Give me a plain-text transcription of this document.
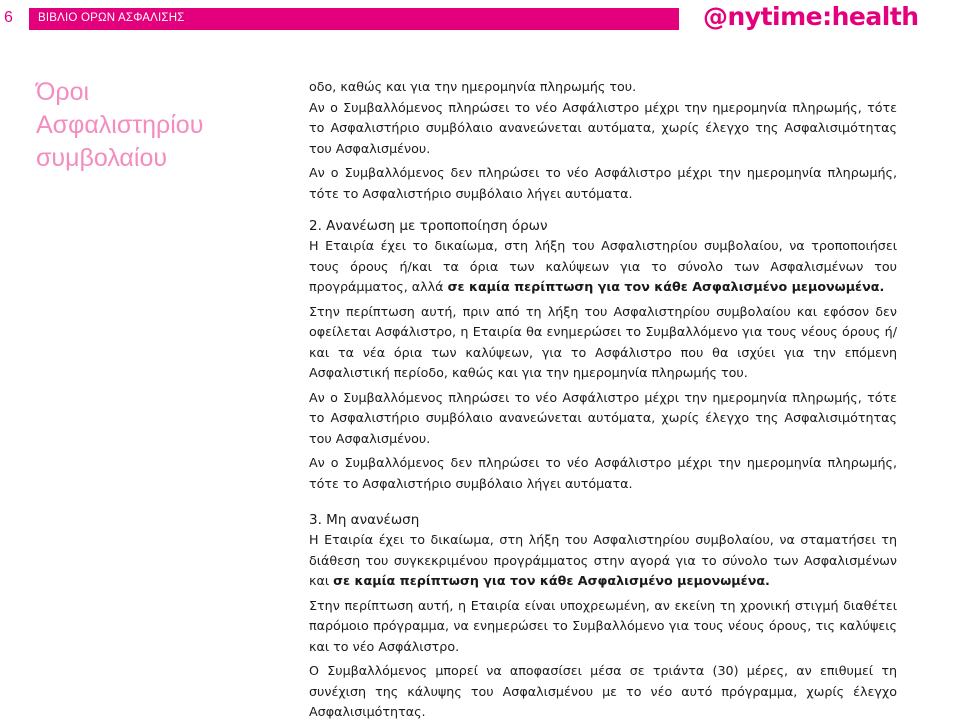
6 ΒΙΒΛΙΟ ΟΡΩΝ ΑΣΦΑΛΙΣΗΣ	@nytime:health
Όροι
Ασφαλιστηρίου
συμβολαίου

οδο, καθώς και για την ημερομηνία πληρωμής του.

Αν ο Συμβαλλόμενος πληρώσει το νέο Ασφάλιστρο μέχρι την ημερομηνία πληρωμής, τότε το Ασφαλιστήριο συμβόλαιο ανανεώνεται αυτόματα, χωρίς έλεγχο της Ασφαλισιμότητας του Ασφαλισμένου.

Αν ο Συμβαλλόμενος δεν πληρώσει το νέο Ασφάλιστρο μέχρι την ημερομηνία πληρωμής, τότε το Ασφαλιστήριο συμβόλαιο λήγει αυτόματα.

2. Ανανέωση με τροποποίηση όρων

Η Εταιρία έχει το δικαίωμα, στη λήξη του Ασφαλιστηρίου συμβολαίου, να τροποποιήσει τους όρους ή/και τα όρια των καλύψεων για το σύνολο των Ασφαλισμένων του προγράμματος, αλλά σε καμία περίπτωση για τον κάθε Ασφαλισμένο μεμονωμένα.

Στην περίπτωση αυτή, πριν από τη λήξη του Ασφαλιστηρίου συμβολαίου και εφόσον δεν οφείλεται Ασφάλιστρο, η Εταιρία θα ενημερώσει το Συμβαλλόμενο για τους νέους όρους ή/και τα νέα όρια των καλύψεων, για το Ασφάλιστρο που θα ισχύει για την επόμενη Ασφαλιστική περίοδο, καθώς και για την ημερομηνία πληρωμής του.

Αν ο Συμβαλλόμενος πληρώσει το νέο Ασφάλιστρο μέχρι την ημερομηνία πληρωμής, τότε το Ασφαλιστήριο συμβόλαιο ανανεώνεται αυτόματα, χωρίς έλεγχο της Ασφαλισιμότητας του Ασφαλισμένου.

Αν ο Συμβαλλόμενος δεν πληρώσει το νέο Ασφάλιστρο μέχρι την ημερομηνία πληρωμής, τότε το Ασφαλιστήριο συμβόλαιο λήγει αυτόματα.

3. Μη ανανέωση

Η Εταιρία έχει το δικαίωμα, στη λήξη του Ασφαλιστηρίου συμβολαίου, να σταματήσει τη διάθεση του συγκεκριμένου προγράμματος στην αγορά για το σύνολο των Ασφαλισμένων και σε καμία περίπτωση για τον κάθε Ασφαλισμένο μεμονωμένα.

Στην περίπτωση αυτή, η Εταιρία είναι υποχρεωμένη, αν εκείνη τη χρονική στιγμή διαθέτει παρόμοιο πρόγραμμα, να ενημερώσει το Συμβαλλόμενο για τους νέους όρους, τις καλύψεις και το νέο Ασφάλιστρο.

Ο Συμβαλλόμενος μπορεί να αποφασίσει μέσα σε τριάντα (30) μέρες, αν επιθυμεί τη συνέχιση της κάλυψης του Ασφαλισμένου με το νέο αυτό πρόγραμμα, χωρίς έλεγχο Ασφαλισιμότητας.
